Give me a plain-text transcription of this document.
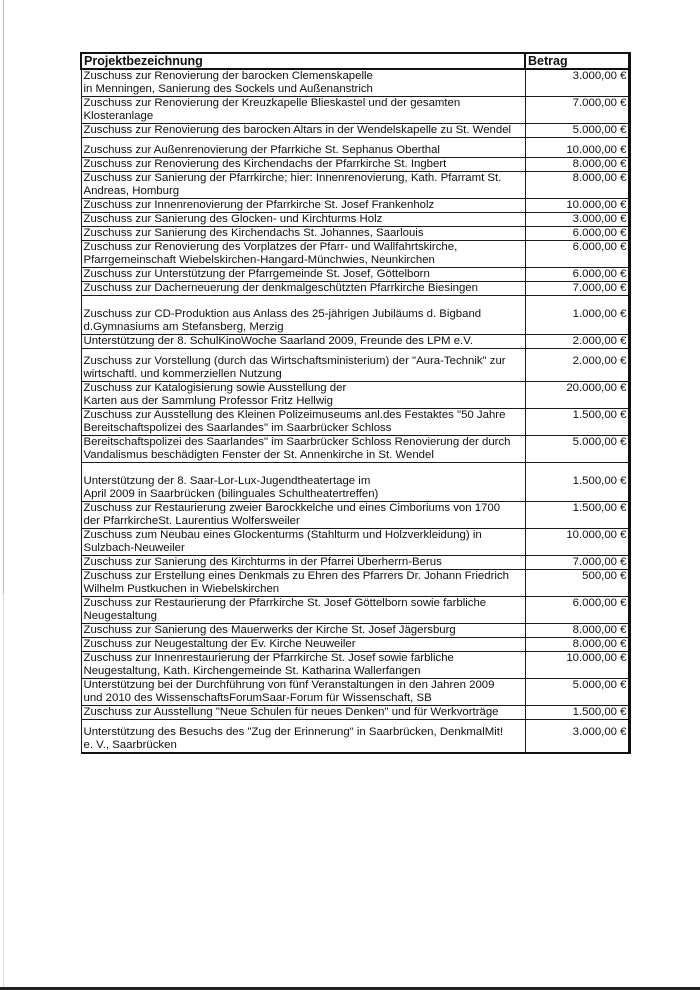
Projektbezeichnung	Betrag
Zuschuss zur Renovierung der barocken Clemenskapelle
in Menningen, Sanierung des Sockels und Außenanstrich	3.000,00 €
Zuschuss zur Renovierung der Kreuzkapelle Blieskastel und der gesamten
Klosteranlage	7.000,00 €
Zuschuss zur Renovierung des barocken Altars in der Wendelskapelle zu St. Wendel	5.000,00 €
Zuschuss zur Außenrenovierung der Pfarrkiche St. Sephanus Oberthal	10.000,00 €
Zuschuss zur Renovierung des Kirchendachs der Pfarrkirche St. Ingbert	8.000,00 €
Zuschuss zur Sanierung der Pfarrkirche; hier: Innenrenovierung, Kath. Pfarramt St.
Andreas, Homburg	8.000,00 €
Zuschuss zur Innenrenovierung der Pfarrkirche St. Josef Frankenholz	10.000,00 €
Zuschuss zur Sanierung des Glocken- und Kirchturms Holz	3.000,00 €
Zuschuss zur Sanierung des Kirchendachs St. Johannes, Saarlouis	6.000,00 €
Zuschuss zur Renovierung des Vorplatzes der Pfarr- und Wallfahrtskirche,
Pfarrgemeinschaft Wiebelskirchen-Hangard-Münchwies, Neunkirchen	6.000,00 €
Zuschuss zur Unterstützung der Pfarrgemeinde St. Josef, Göttelborn	6.000,00 €
Zuschuss zur Dacherneuerung der denkmalgeschützten Pfarrkirche Biesingen	7.000,00 €
Zuschuss zur CD-Produktion aus Anlass des 25-jährigen Jubiläums d. Bigband
d.Gymnasiums am Stefansberg, Merzig	1.000,00 €
Unterstützung der 8. SchulKinoWoche Saarland 2009, Freunde des LPM e.V.	2.000,00 €
Zuschuss zur Vorstellung (durch das Wirtschaftsministerium) der "Aura-Technik" zur
wirtschaftl. und kommerziellen Nutzung	2.000,00 €
Zuschuss zur Katalogisierung sowie Ausstellung der
Karten aus der Sammlung Professor Fritz Hellwig	20.000,00 €
Zuschuss zur Ausstellung des Kleinen Polizeimuseums anl.des Festaktes "50 Jahre
Bereitschaftspolizei des Saarlandes" im Saarbrücker Schloss	1.500,00 €
Bereitschaftspolizei des Saarlandes" im Saarbrücker Schloss Renovierung der durch
Vandalismus beschädigten Fenster der St. Annenkirche in St. Wendel	5.000,00 €
Unterstützung der 8. Saar-Lor-Lux-Jugendtheatertage im
April 2009 in Saarbrücken (bilinguales Schultheatertreffen)	1.500,00 €
Zuschuss zur Restaurierung zweier Barockkelche und eines Cimboriums von 1700
der PfarrkircheSt. Laurentius Wolfersweiler	1.500,00 €
Zuschuss zum Neubau eines Glockenturms (Stahlturm und Holzverkleidung) in
Sulzbach-Neuweiler	10.000,00 €
Zuschuss zur Sanierung des Kirchturms in der Pfarrei Überherrn-Berus	7.000,00 €
Zuschuss zur Erstellung eines Denkmals zu Ehren des Pfarrers Dr. Johann Friedrich
Wilhelm Pustkuchen in Wiebelskirchen	500,00 €
Zuschuss zur Restaurierung der Pfarrkirche St. Josef Göttelborn sowie farbliche
Neugestaltung	6.000,00 €
Zuschuss zur Sanierung des Mauerwerks der Kirche St. Josef Jägersburg	8.000,00 €
Zuschuss zur Neugestaltung der Ev. Kirche Neuweiler	8.000,00 €
Zuschuss zur Innenrestaurierung der Pfarrkirche St. Josef sowie farbliche
Neugestaltung, Kath. Kirchengemeinde St. Katharina Wallerfangen	10.000,00 €
Unterstützung bei der Durchführung von fünf Veranstaltungen in den Jahren 2009
und 2010 des WissenschaftsForumSaar-Forum für Wissenschaft, SB	5.000,00 €
Zuschuss zur Ausstellung "Neue Schulen für neues Denken" und für Werkvorträge	1.500,00 €
Unterstützung des Besuchs des "Zug der Erinnerung" in Saarbrücken, DenkmalMit!
e. V., Saarbrücken	3.000,00 €
